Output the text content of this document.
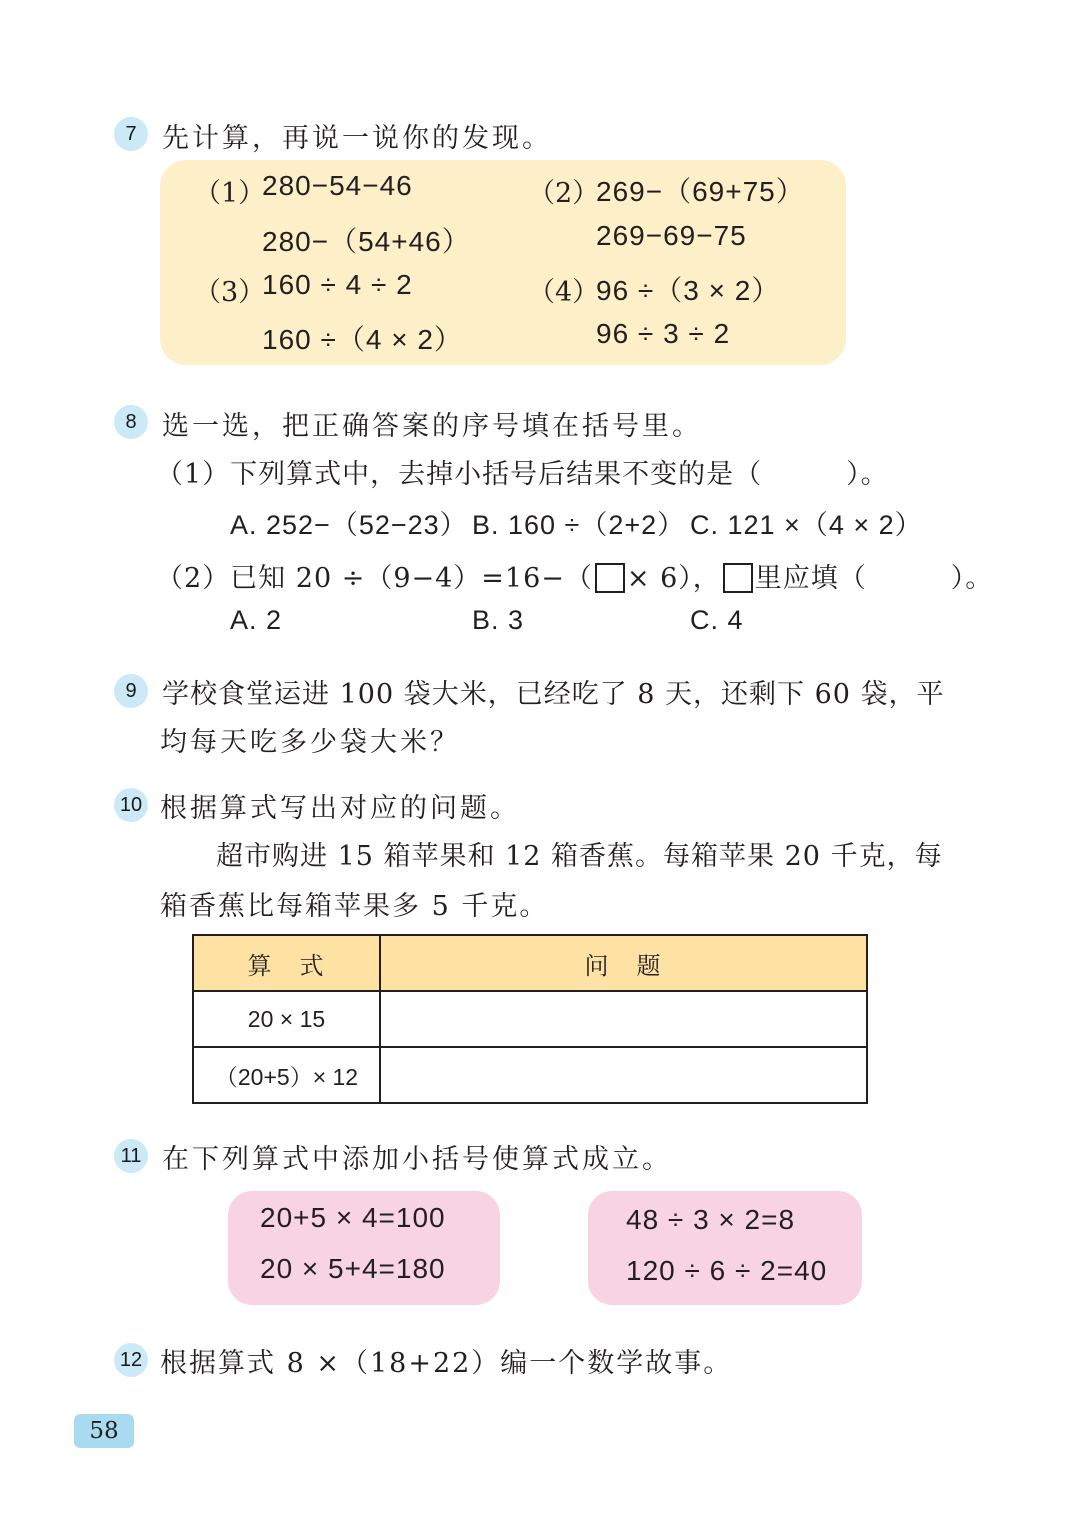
7 先计算，再说一说你的发现。
（1）
280−54−46
280−（54+46）
（2）
269−（69+75）
269−69−75
（3）
160 ÷ 4 ÷ 2
160 ÷（4 × 2）
（4）
96 ÷（3 × 2）
96 ÷ 3 ÷ 2
8 选一选，把正确答案的序号填在括号里。
（1）下列算式中，去掉小括号后结果不变的是（　　　）。
A. 252−（52−23） B. 160 ÷（2+2） C. 121 ×（4 × 2）
（2）已知 20 ÷（9−4）=16−（ × 6）， 里应填（　　　）。
A. 2	B. 3	C. 4
9 学校食堂运进 100 袋大米，已经吃了 8 天，还剩下 60 袋，平
均每天吃多少袋大米？
10 根据算式写出对应的问题。
超市购进 15 箱苹果和 12 箱香蕉。每箱苹果 20 千克，每
箱香蕉比每箱苹果多 5 千克。
算　式	问　题
20 × 15	
（20+5）× 12	
11 在下列算式中添加小括号使算式成立。
20+5 × 4=100
20 × 5+4=180
48 ÷ 3 × 2=8
120 ÷ 6 ÷ 2=40
12 根据算式 8 ×（18+22）编一个数学故事。
58
